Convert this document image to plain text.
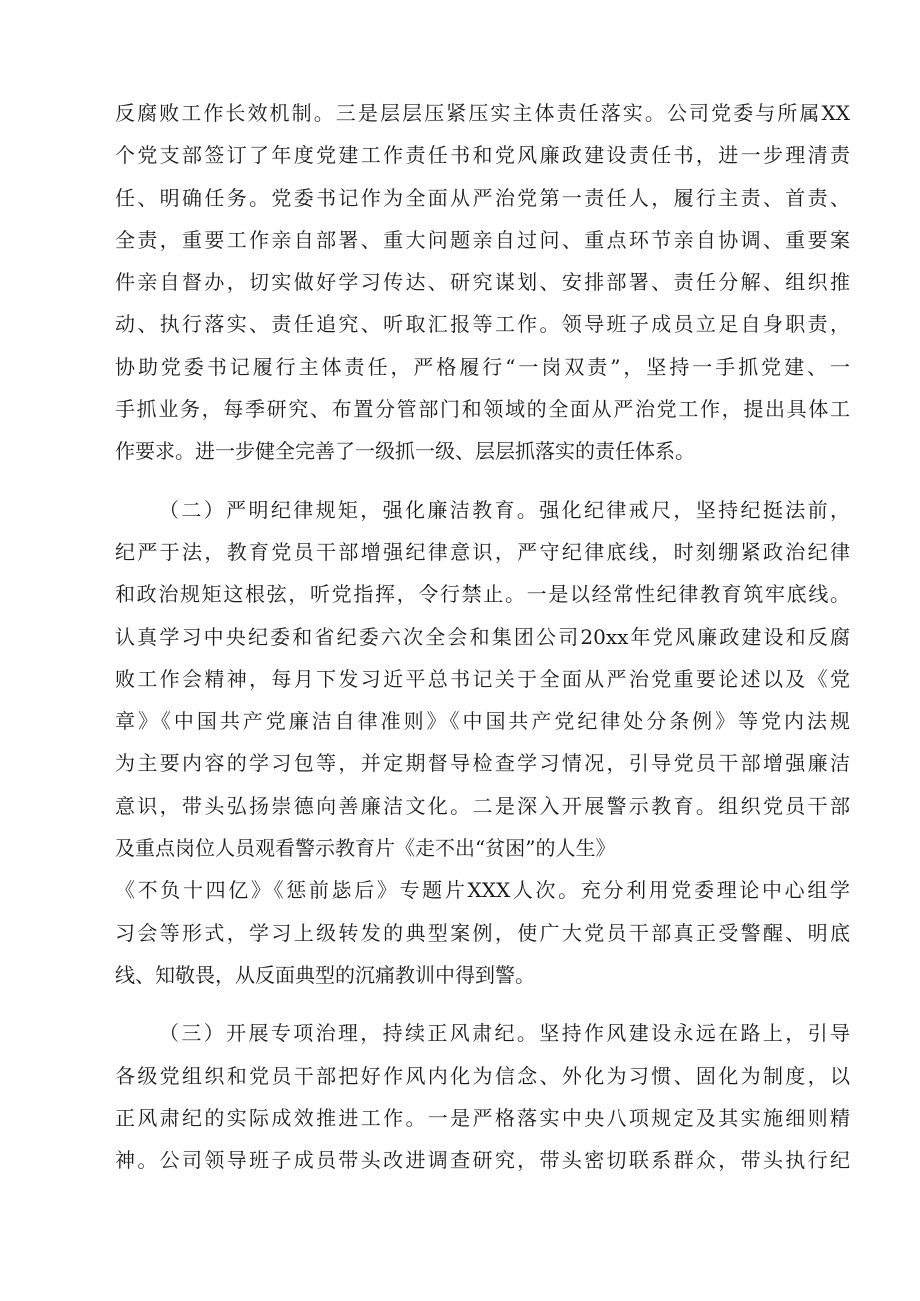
反腐败工作长效机制。三是层层压紧压实主体责任落实。公司党委与所属XX
个党支部签订了年度党建工作责任书和党风廉政建设责任书，进一步理清责
任、明确任务。党委书记作为全面从严治党第一责任人，履行主责、首责、
全责，重要工作亲自部署、重大问题亲自过问、重点环节亲自协调、重要案
件亲自督办，切实做好学习传达、研究谋划、安排部署、责任分解、组织推
动、执行落实、责任追究、听取汇报等工作。领导班子成员立足自身职责，
协助党委书记履行主体责任，严格履行“一岗双责”，坚持一手抓党建、一
手抓业务，每季研究、布置分管部门和领域的全面从严治党工作，提出具体工
作要求。进一步健全完善了一级抓一级、层层抓落实的责任体系。
（二）严明纪律规矩，强化廉洁教育。强化纪律戒尺，坚持纪挺法前，
纪严于法，教育党员干部增强纪律意识，严守纪律底线，时刻绷紧政治纪律
和政治规矩这根弦，听党指挥，令行禁止。一是以经常性纪律教育筑牢底线。
认真学习中央纪委和省纪委六次全会和集团公司20xx年党风廉政建设和反腐
败工作会精神，每月下发习近平总书记关于全面从严治党重要论述以及《党
章》《中国共产党廉洁自律准则》《中国共产党纪律处分条例》等党内法规
为主要内容的学习包等，并定期督导检查学习情况，引导党员干部增强廉洁
意识，带头弘扬崇德向善廉洁文化。二是深入开展警示教育。组织党员干部
及重点岗位人员观看警示教育片《走不出“贫困”的人生》
《不负十四亿》《惩前毖后》专题片XXX人次。充分利用党委理论中心组学
习会等形式，学习上级转发的典型案例，使广大党员干部真正受警醒、明底
线、知敬畏，从反面典型的沉痛教训中得到警。
（三）开展专项治理，持续正风肃纪。坚持作风建设永远在路上，引导
各级党组织和党员干部把好作风内化为信念、外化为习惯、固化为制度，以
正风肃纪的实际成效推进工作。一是严格落实中央八项规定及其实施细则精
神。公司领导班子成员带头改进调查研究，带头密切联系群众，带头执行纪
